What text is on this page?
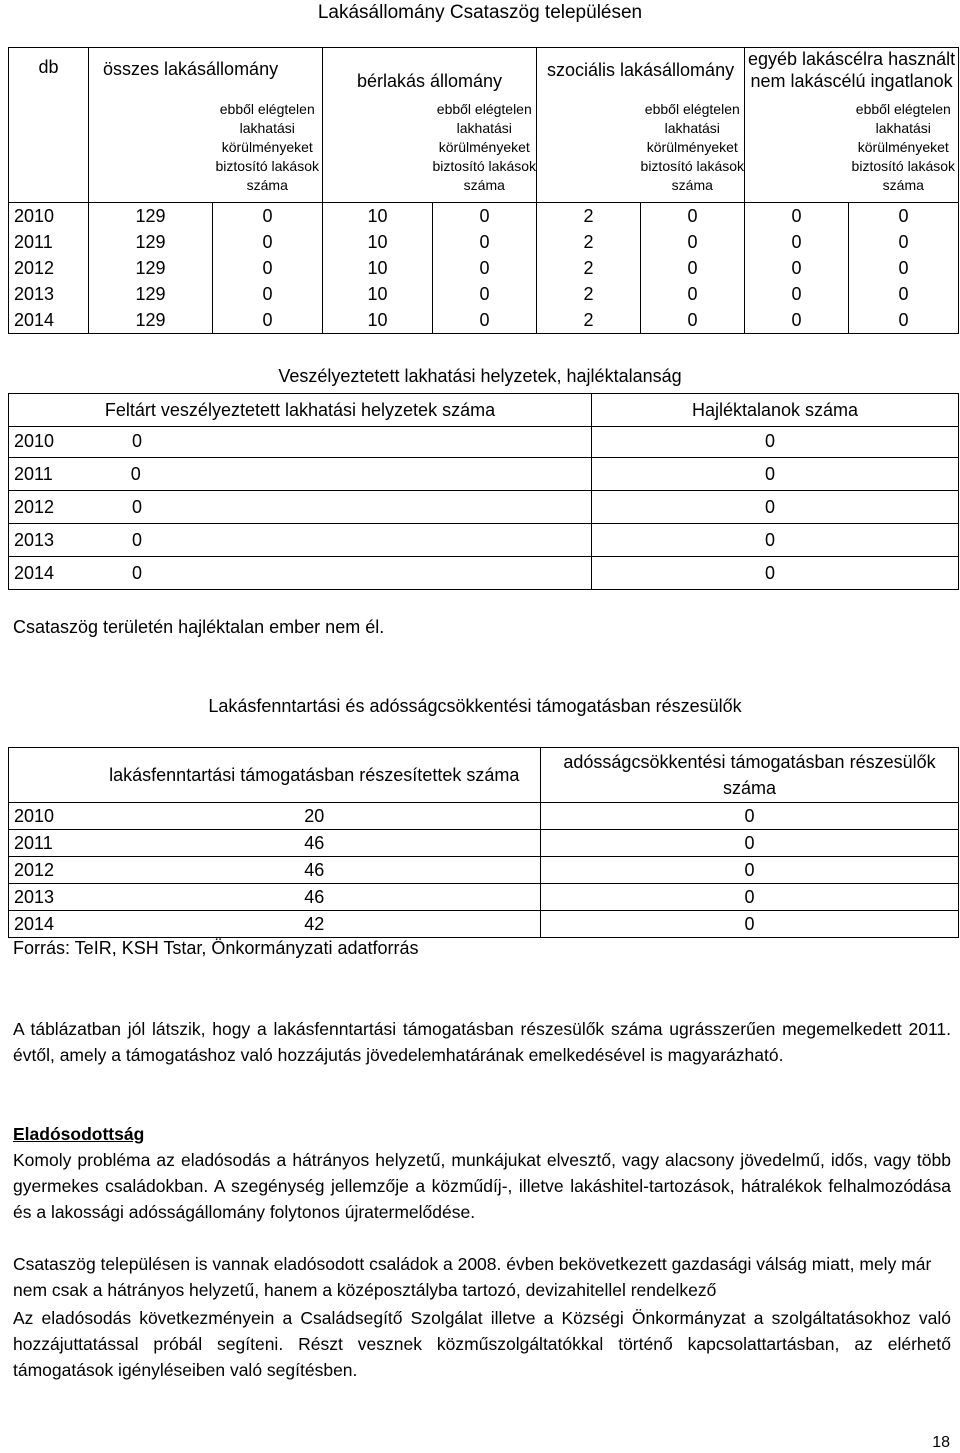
Lakásállomány Csataszög településen
db	összes lakásállomány		bérlakás állomány		szociális lakásállomány		egyéb lakáscélra használt nem lakáscélú ingatlanok	
		ebből elégtelen lakhatási körülményeket biztosító lakások száma		ebből elégtelen lakhatási körülményeket biztosító lakások száma		ebből elégtelen lakhatási körülményeket biztosító lakások száma		ebből elégtelen lakhatási körülményeket biztosító lakások száma
2010	129	0	10	0	2	0	0	0
2011	129	0	10	0	2	0	0	0
2012	129	0	10	0	2	0	0	0
2013	129	0	10	0	2	0	0	0
2014	129	0	10	0	2	0	0	0
Veszélyeztetett lakhatási helyzetek, hajléktalanság
Feltárt veszélyeztetett lakhatási helyzetek száma	Hajléktalanok száma
2010 0	0

2011 0	0

2012 0	0

2013 0	0

2014 0	0
Csataszög területén hajléktalan ember nem él.
Lakásfenntartási és adósságcsökkentési támogatásban részesülők
	lakásfenntartási támogatásban részesítettek száma	adósságcsökkentési támogatásban részesülők száma
2010	20	0
2011	46	0
2012	46	0
2013	46	0
2014	42	0
Forrás: TeIR, KSH Tstar, Önkormányzati adatforrás
A táblázatban jól látszik, hogy a lakásfenntartási támogatásban részesülők száma ugrásszerűen megemelkedett 2011. évtől, amely a támogatáshoz való hozzájutás jövedelemhatárának emelkedésével is magyarázható.
Eladósodottság
Komoly probléma az eladósodás a hátrányos helyzetű, munkájukat elvesztő, vagy alacsony jövedelmű, idős, vagy több gyermekes családokban. A szegénység jellemzője a közműdíj-, illetve lakáshitel-tartozások, hátralékok felhalmozódása és a lakossági adósságállomány folytonos újratermelődése.
Csataszög településen is vannak eladósodott családok a 2008. évben bekövetkezett gazdasági válság miatt, mely már nem csak a hátrányos helyzetű, hanem a középosztályba tartozó, devizahitellel rendelkező
Az eladósodás következményein a Családsegítő Szolgálat illetve a Községi Önkormányzat a szolgáltatásokhoz való hozzájuttatással próbál segíteni. Részt vesznek közműszolgáltatókkal történő kapcsolattartásban, az elérhető támogatások igényléseiben való segítésben.
18
